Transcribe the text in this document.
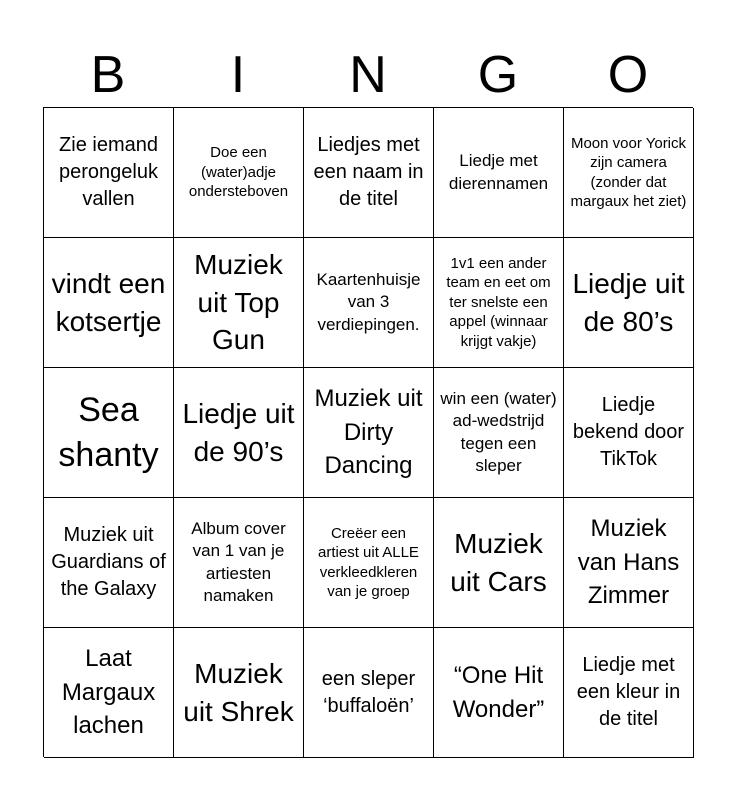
B	I	N	G	O
Zie iemand perongeluk vallen
Doe een (water)adje ondersteboven
Liedjes met een naam in de titel
Liedje met dierennamen
Moon voor Yorick zijn camera (zonder dat margaux het ziet)
vindt een kotsertje
Muziek uit Top Gun
Kaartenhuisje van 3 verdiepingen.
1v1 een ander team en eet om ter snelste een appel (winnaar krijgt vakje)
Liedje uit de 80’s
Sea shanty
Liedje uit de 90’s
Muziek uit Dirty Dancing
win een (water) ad-wedstrijd tegen een sleper
Liedje bekend door TikTok
Muziek uit Guardians of the Galaxy
Album cover van 1 van je artiesten namaken
Creëer een artiest uit ALLE verkleedkleren van je groep
Muziek uit Cars
Muziek van Hans Zimmer
Laat Margaux lachen
Muziek uit Shrek
een sleper ‘buffaloën’
“One Hit Wonder”
Liedje met een kleur in de titel
